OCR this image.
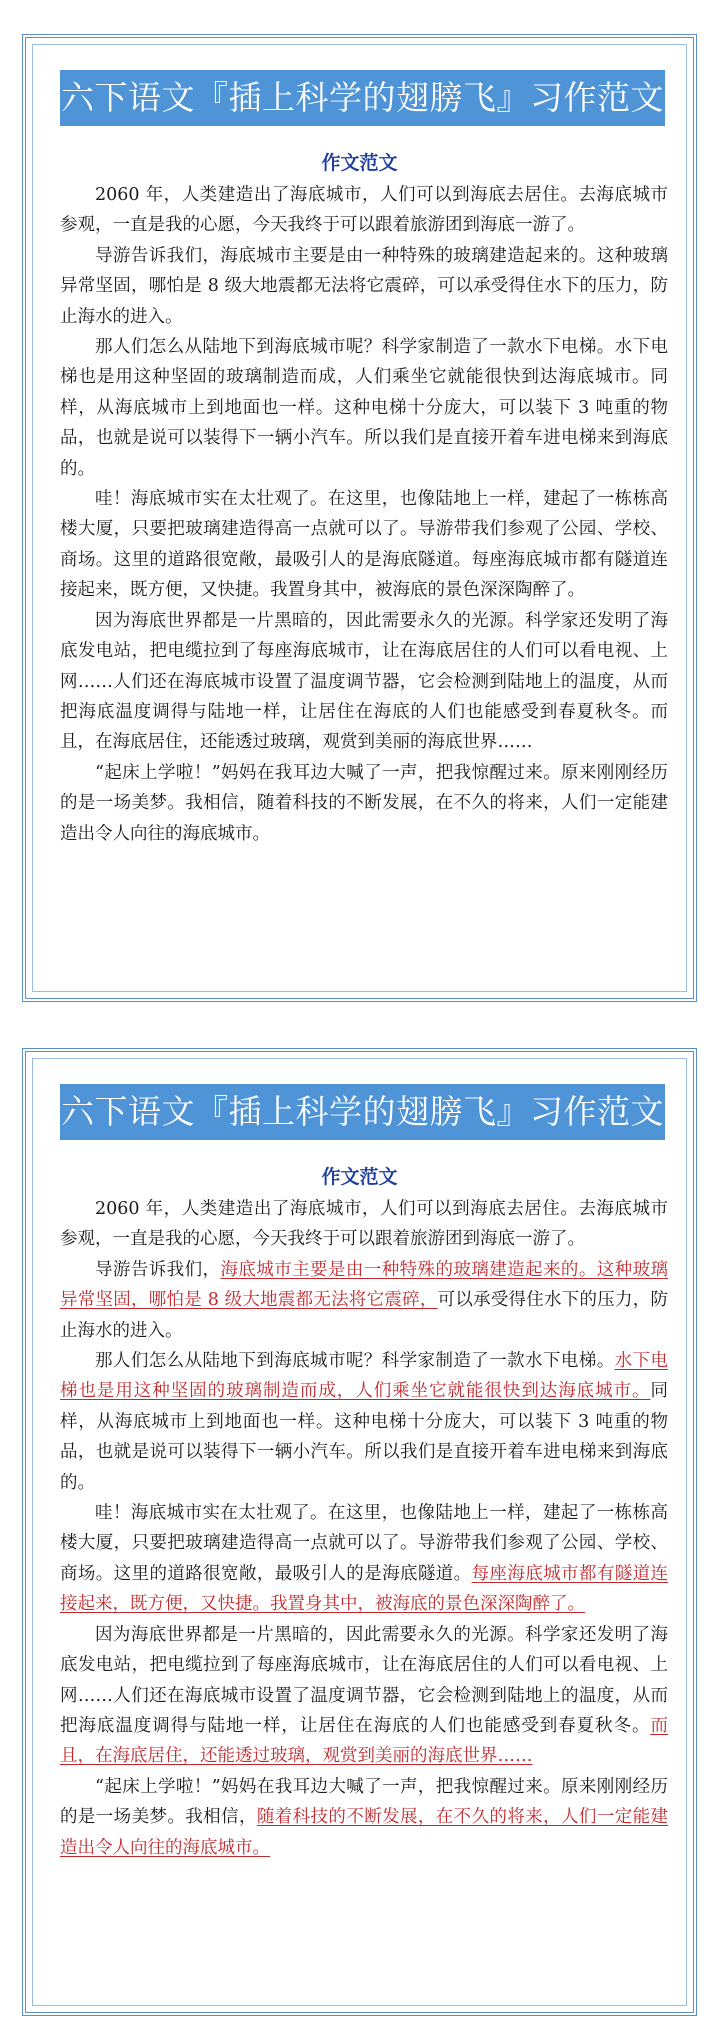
六下语文『插上科学的翅膀飞』习作范文
作文范文

2060 年，人类建造出了海底城市，人们可以到海底去居住。去海底城市参观，一直是我的心愿，今天我终于可以跟着旅游团到海底一游了。

导游告诉我们，海底城市主要是由一种特殊的玻璃建造起来的。这种玻璃异常坚固，哪怕是 8 级大地震都无法将它震碎，可以承受得住水下的压力，防止海水的进入。

那人们怎么从陆地下到海底城市呢？科学家制造了一款水下电梯。水下电梯也是用这种坚固的玻璃制造而成，人们乘坐它就能很快到达海底城市。同样，从海底城市上到地面也一样。这种电梯十分庞大，可以装下 3 吨重的物品，也就是说可以装得下一辆小汽车。所以我们是直接开着车进电梯来到海底的。

哇！海底城市实在太壮观了。在这里，也像陆地上一样，建起了一栋栋高楼大厦，只要把玻璃建造得高一点就可以了。导游带我们参观了公园、学校、商场。这里的道路很宽敞，最吸引人的是海底隧道。每座海底城市都有隧道连接起来，既方便，又快捷。我置身其中，被海底的景色深深陶醉了。

因为海底世界都是一片黑暗的，因此需要永久的光源。科学家还发明了海底发电站，把电缆拉到了每座海底城市，让在海底居住的人们可以看电视、上网……人们还在海底城市设置了温度调节器，它会检测到陆地上的温度，从而把海底温度调得与陆地一样，让居住在海底的人们也能感受到春夏秋冬。而且，在海底居住，还能透过玻璃，观赏到美丽的海底世界……

“起床上学啦！”妈妈在我耳边大喊了一声，把我惊醒过来。原来刚刚经历的是一场美梦。我相信，随着科技的不断发展，在不久的将来，人们一定能建造出令人向往的海底城市。

六下语文『插上科学的翅膀飞』习作范文
作文范文

2060 年，人类建造出了海底城市，人们可以到海底去居住。去海底城市参观，一直是我的心愿，今天我终于可以跟着旅游团到海底一游了。

导游告诉我们，海底城市主要是由一种特殊的玻璃建造起来的。这种玻璃异常坚固，哪怕是 8 级大地震都无法将它震碎，可以承受得住水下的压力，防止海水的进入。

那人们怎么从陆地下到海底城市呢？科学家制造了一款水下电梯。水下电梯也是用这种坚固的玻璃制造而成，人们乘坐它就能很快到达海底城市。同样，从海底城市上到地面也一样。这种电梯十分庞大，可以装下 3 吨重的物品，也就是说可以装得下一辆小汽车。所以我们是直接开着车进电梯来到海底的。

哇！海底城市实在太壮观了。在这里，也像陆地上一样，建起了一栋栋高楼大厦，只要把玻璃建造得高一点就可以了。导游带我们参观了公园、学校、商场。这里的道路很宽敞，最吸引人的是海底隧道。每座海底城市都有隧道连接起来，既方便，又快捷。我置身其中，被海底的景色深深陶醉了。

因为海底世界都是一片黑暗的，因此需要永久的光源。科学家还发明了海底发电站，把电缆拉到了每座海底城市，让在海底居住的人们可以看电视、上网……人们还在海底城市设置了温度调节器，它会检测到陆地上的温度，从而把海底温度调得与陆地一样，让居住在海底的人们也能感受到春夏秋冬。而且，在海底居住，还能透过玻璃，观赏到美丽的海底世界……

“起床上学啦！”妈妈在我耳边大喊了一声，把我惊醒过来。原来刚刚经历的是一场美梦。我相信，随着科技的不断发展，在不久的将来，人们一定能建造出令人向往的海底城市。
